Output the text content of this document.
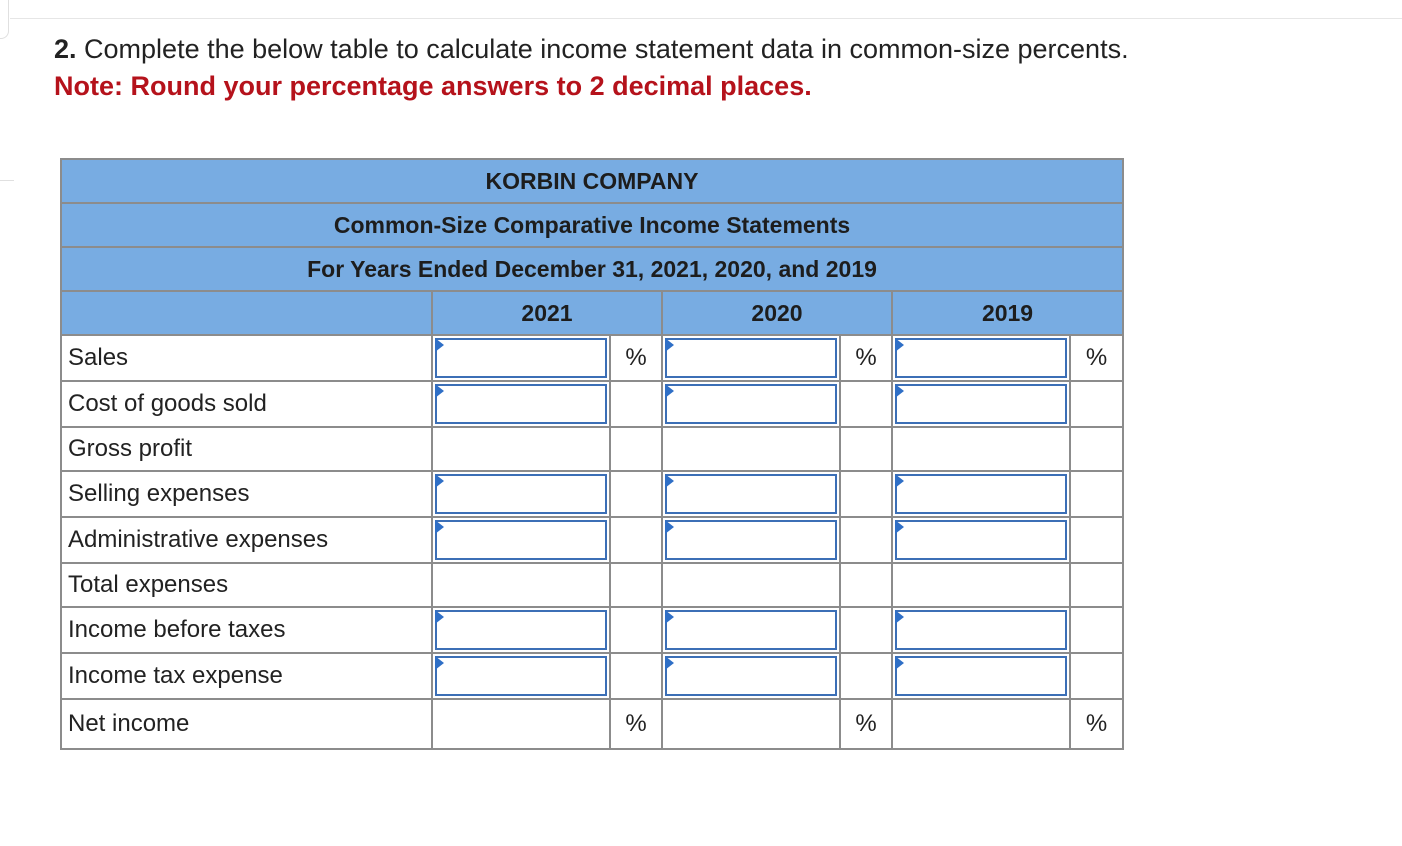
2. Complete the below table to calculate income statement data in common-size percents.
Note: Round your percentage answers to 2 decimal places.
KORBIN COMPANY						
Common-Size Comparative Income Statements						
For Years Ended December 31, 2021, 2020, and 2019						
	2021		2020		2019	
Sales		%		%		%
Cost of goods sold	

Gross profit						
Selling expenses	

Administrative expenses	

Total expenses						
Income before taxes	

Income tax expense	

Net income		%		%		%
